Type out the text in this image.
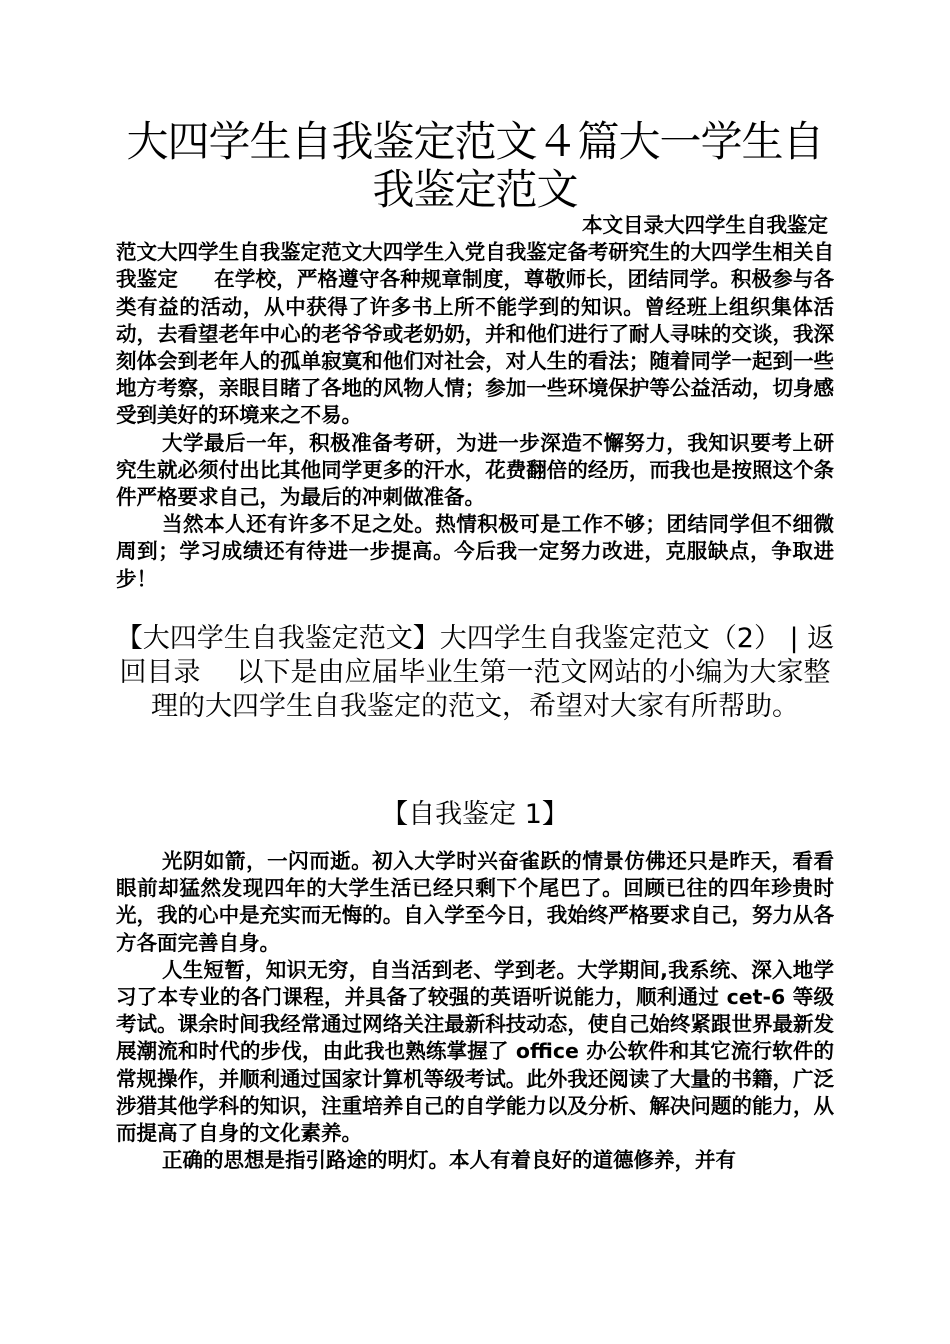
大四学生自我鉴定范文４篇大一学生自我鉴定范文

本文目录大四学生自我鉴定

范文大四学生自我鉴定范文大四学生入党自我鉴定备考研究生的大四学生相关自我鉴定 在学校，严格遵守各种规章制度，尊敬师长，团结同学。积极参与各类有益的活动，从中获得了许多书上所不能学到的知识。曾经班上组织集体活动，去看望老年中心的老爷爷或老奶奶，并和他们进行了耐人寻味的交谈，我深刻体会到老年人的孤单寂寞和他们对社会，对人生的看法；随着同学一起到一些地方考察，亲眼目睹了各地的风物人情；参加一些环境保护等公益活动，切身感受到美好的环境来之不易。

大学最后一年，积极准备考研，为进一步深造不懈努力，我知识要考上研究生就必须付出比其他同学更多的汗水，花费翻倍的经历，而我也是按照这个条件严格要求自己，为最后的冲刺做准备。

当然本人还有许多不足之处。热情积极可是工作不够；团结同学但不细微周到；学习成绩还有待进一步提高。今后我一定努力改进，克服缺点，争取进步！

【大四学生自我鉴定范文】大四学生自我鉴定范文（2） | 返回目录 以下是由应届毕业生第一范文网站的小编为大家整理的大四学生自我鉴定的范文，希望对大家有所帮助。
【自我鉴定 1】

光阴如箭，一闪而逝。初入大学时兴奋雀跃的情景仿佛还只是昨天，看看眼前却猛然发现四年的大学生活已经只剩下个尾巴了。回顾已往的四年珍贵时光，我的心中是充实而无悔的。自入学至今日，我始终严格要求自己，努力从各方各面完善自身。

人生短暂，知识无穷，自当活到老、学到老。大学期间,我系统、深入地学习了本专业的各门课程，并具备了较强的英语听说能力，顺利通过 cet-6 等级考试。课余时间我经常通过网络关注最新科技动态，使自己始终紧跟世界最新发展潮流和时代的步伐，由此我也熟练掌握了 office 办公软件和其它流行软件的常规操作，并顺利通过国家计算机等级考试。此外我还阅读了大量的书籍，广泛涉猎其他学科的知识，注重培养自己的自学能力以及分析、解决问题的能力，从而提高了自身的文化素养。

正确的思想是指引路途的明灯。本人有着良好的道德修养，并有
